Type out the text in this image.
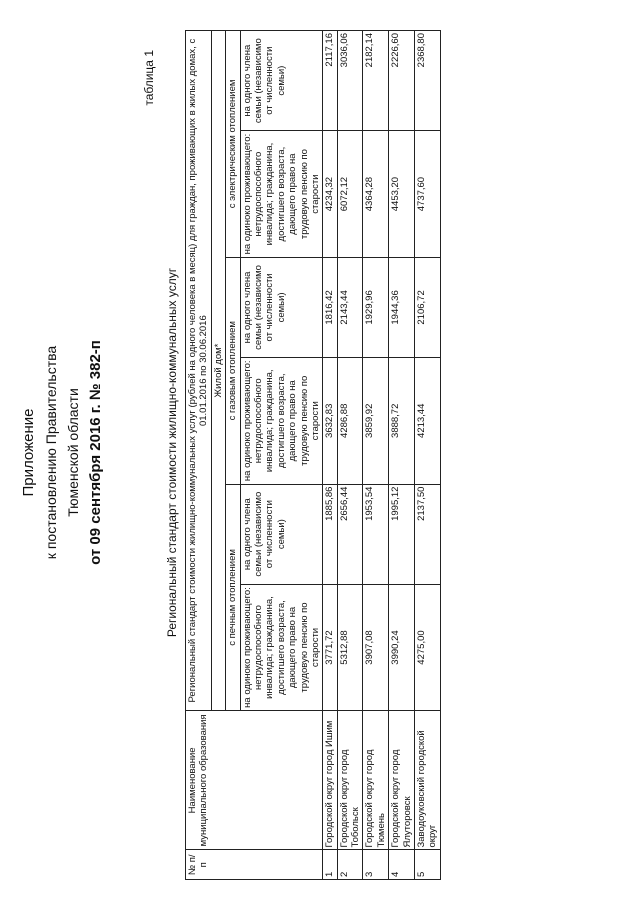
Приложение к постановлению Правительства Тюменской области от 09 сентября 2016 г. № 382-п
таблица 1
Региональный стандарт стоимости жилищно-коммунальных услуг
№ п/п	Наименование муниципального образования	Региональный стандарт стоимости жилищно-коммунальных услуг (рублей на одного человека в месяц) для граждан, проживающих в жилых домах, с 01.01.2016 по 30.06.2016					
		Жилой дом*					
		с печным отоплением		с газовым отоплением		с электрическим отоплением	
		на одиноко проживающего: нетрудоспособного инвалида; гражданина, достигшего возраста, дающего право на трудовую пенсию по старости	на одного члена семьи (независимо от численности семьи)	на одиноко проживающего: нетрудоспособного инвалида; гражданина, достигшего возраста, дающего право на трудовую пенсию по старости	на одного члена семьи (независимо от численности семьи)	на одиноко проживающего: нетрудоспособного инвалида; гражданина, достигшего возраста, дающего право на трудовую пенсию по старости	на одного члена семьи (независимо от численности семьи)
1	Городской округ город Ишим	3771,72	1885,86	3632,83	1816,42	4234,32	2117,16
2	Городской округ город Тобольск	5312,88	2656,44	4286,88	2143,44	6072,12	3036,06
3	Городской округ город Тюмень	3907,08	1953,54	3859,92	1929,96	4364,28	2182,14
4	Городской округ город Ялуторовск	3990,24	1995,12	3888,72	1944,36	4453,20	2226,60
5	Заводоуковский городской округ	4275,00	2137,50	4213,44	2106,72	4737,60	2368,80
